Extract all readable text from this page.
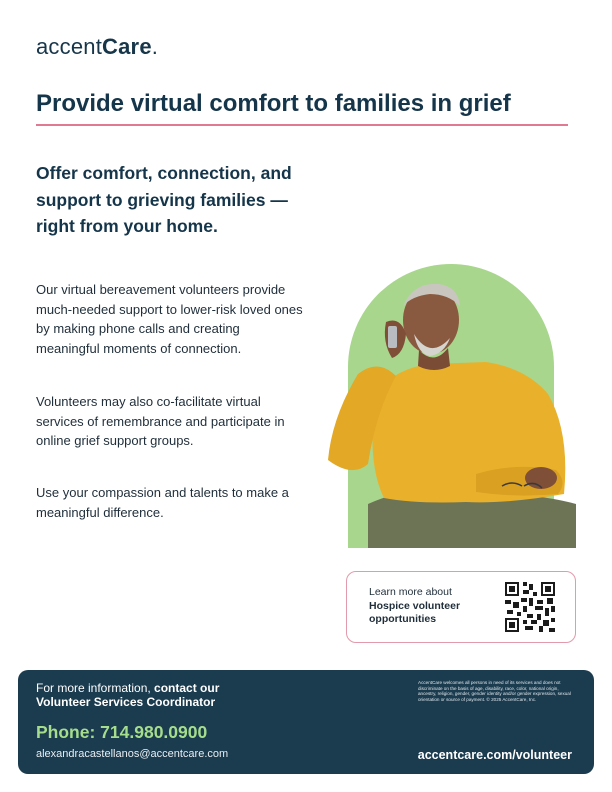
accentCare.
Provide virtual comfort to families in grief
Offer comfort, connection, and support to grieving families — right from your home.

Our virtual bereavement volunteers provide much-needed support to lower-risk loved ones by making phone calls and creating meaningful moments of connection.

Volunteers may also co-facilitate virtual services of remembrance and participate in online grief support groups.

Use your compassion and talents to make a meaningful difference.

Learn more about
Hospice volunteer opportunities
For more information, contact our
Volunteer Services Coordinator
Phone: 714.980.0900
alexandracastellanos@accentcare.com
AccentCare welcomes all persons in need of its services and does not discriminate on the basis of age, disability, race, color, national origin, ancestry, religion, gender, gender identity and/or gender expression, sexual orientation or source of payment. © 2025 AccentCare, Inc.
accentcare.com/volunteer
